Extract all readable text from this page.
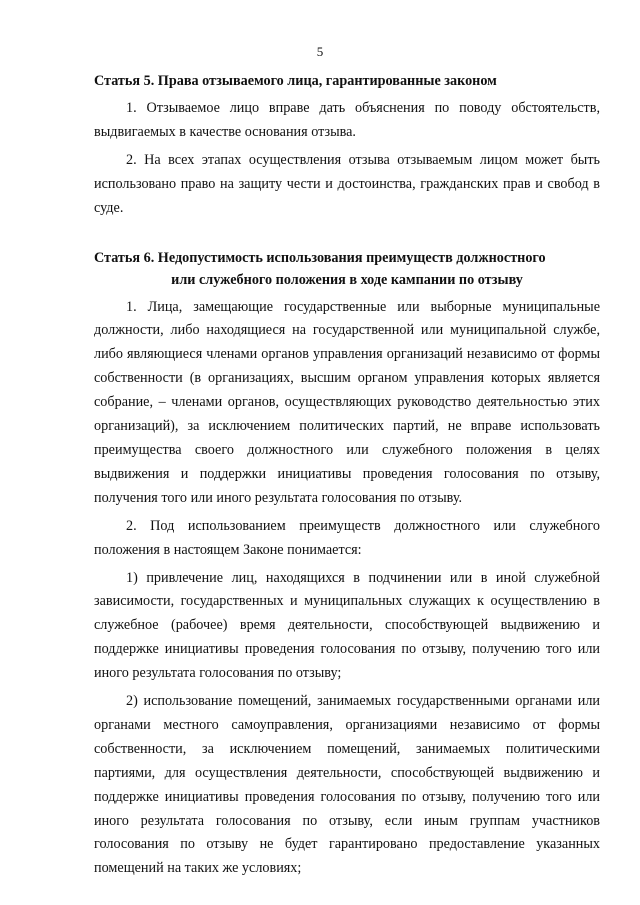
5
Статья 5. Права отзываемого лица, гарантированные законом

1. Отзываемое лицо вправе дать объяснения по поводу обстоятельств, выдвигаемых в качестве основания отзыва.

2. На всех этапах осуществления отзыва отзываемым лицом может быть использовано право на защиту чести и достоинства, гражданских прав и свобод в суде.

Статья 6. Недопустимость использования преимуществ должностного
или служебного положения в ходе кампании по отзыву

1. Лица, замещающие государственные или выборные муниципальные должности, либо находящиеся на государственной или муниципальной службе, либо являющиеся членами органов управления организаций независимо от формы собственности (в организациях, высшим органом управления которых является собрание, – членами органов, осуществляющих руководство деятельностью этих организаций), за исключением политических партий, не вправе использовать преимущества своего должностного или служебного положения в целях выдвижения и поддержки инициативы проведения голосования по отзыву, получения того или иного результата голосования по отзыву.

2. Под использованием преимуществ должностного или служебного положения в настоящем Законе понимается:

1) привлечение лиц, находящихся в подчинении или в иной служебной зависимости, государственных и муниципальных служащих к осуществлению в служебное (рабочее) время деятельности, способствующей выдвижению и поддержке инициативы проведения голосования по отзыву, получению того или иного результата голосования по отзыву;

2) использование помещений, занимаемых государственными органами или органами местного самоуправления, организациями независимо от формы собственности, за исключением помещений, занимаемых политическими партиями, для осуществления деятельности, способствующей выдвижению и поддержке инициативы проведения голосования по отзыву, получению того или иного результата голосования по отзыву, если иным группам участников голосования по отзыву не будет гарантировано предоставление указанных помещений на таких же условиях;
